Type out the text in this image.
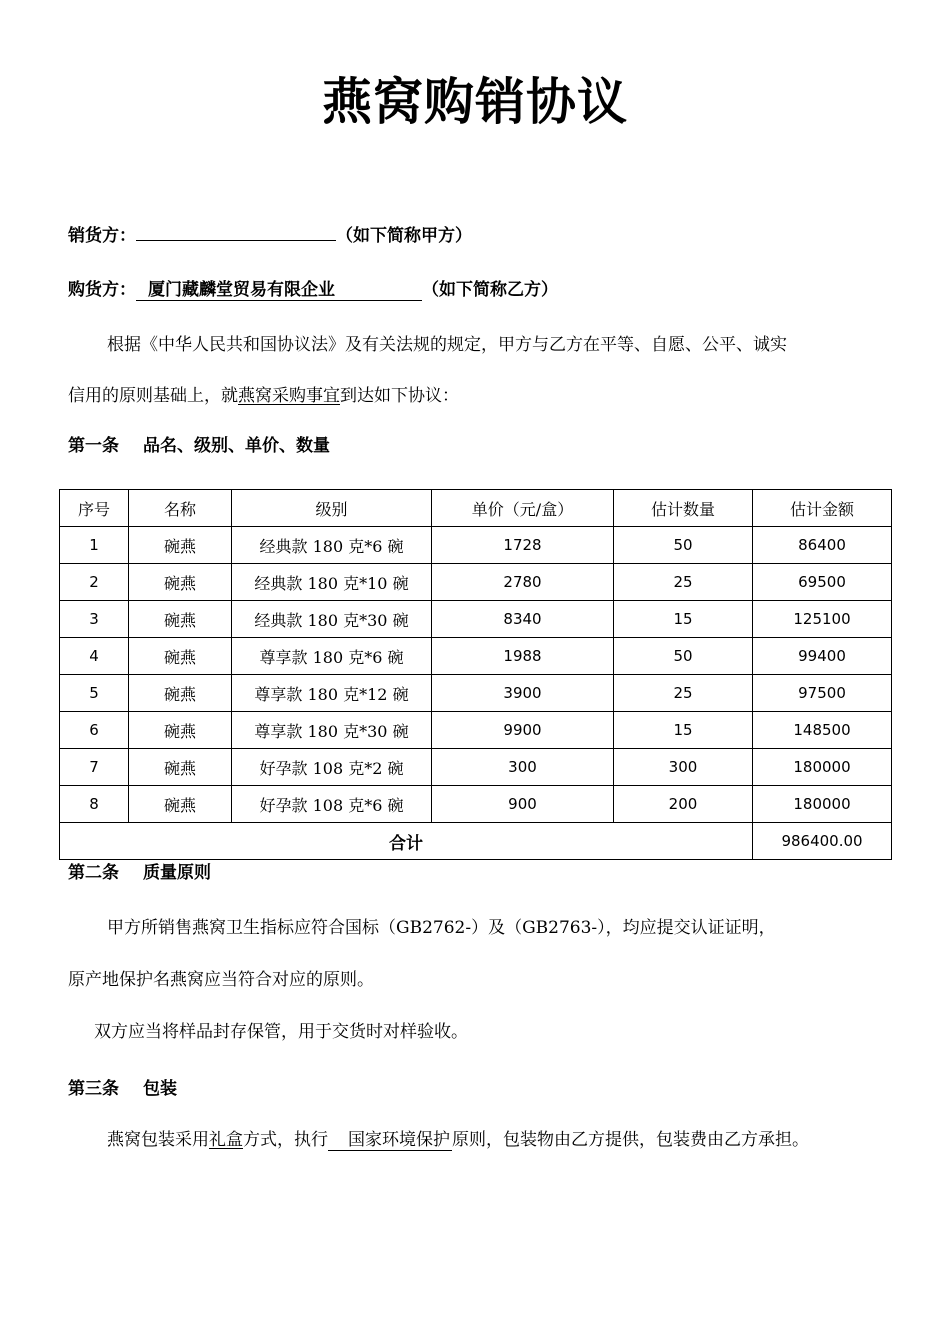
燕窝购销协议
销货方：	（如下简称甲方）
购货方： 厦门藏麟堂贸易有限企业	（如下简称乙方）
根据《中华人民共和国协议法》及有关法规的规定，甲方与乙方在平等、自愿、公平、诚实
信用的原则基础上，就燕窝采购事宜到达如下协议：
第一条 品名、级别、单价、数量
序号	名称	级别	单价（元/盒）	估计数量	估计金额
1	碗燕	经典款 180 克*6 碗	1728	50	86400
2	碗燕	经典款 180 克*10 碗	2780	25	69500
3	碗燕	经典款 180 克*30 碗	8340	15	125100
4	碗燕	尊享款 180 克*6 碗	1988	50	99400
5	碗燕	尊享款 180 克*12 碗	3900	25	97500
6	碗燕	尊享款 180 克*30 碗	9900	15	148500
7	碗燕	好孕款 108 克*2 碗	300	300	180000
8	碗燕	好孕款 108 克*6 碗	900	200	180000
合计					986400.00
第二条 质量原则
甲方所销售燕窝卫生指标应符合国标（GB2762-）及（GB2763-），均应提交认证证明，
原产地保护名燕窝应当符合对应的原则。
双方应当将样品封存保管，用于交货时对样验收。
第三条 包装
燕窝包装采用礼盒方式，执行 国家环境保护 原则，包装物由乙方提供，包装费由乙方承担。
